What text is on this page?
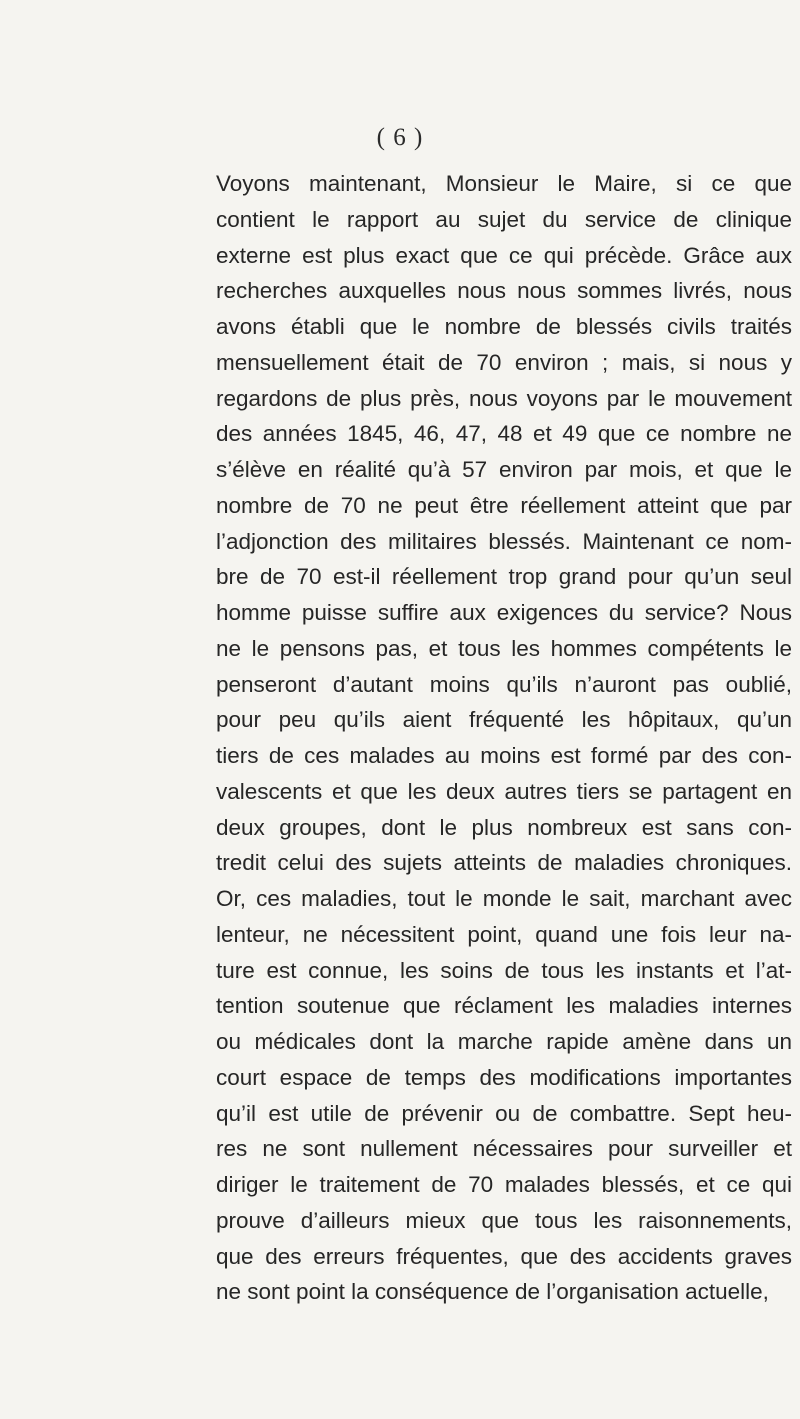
( 6 )
Voyons maintenant, Monsieur le Maire, si ce que
contient le rapport au sujet du service de clinique
externe est plus exact que ce qui précède. Grâce aux
recherches auxquelles nous nous sommes livrés, nous
avons établi que le nombre de blessés civils traités
mensuellement était de 70 environ ; mais, si nous y
regardons de plus près, nous voyons par le mouvement
des années 1845, 46, 47, 48 et 49 que ce nombre ne
s’élève en réalité qu’à 57 environ par mois, et que le
nombre de 70 ne peut être réellement atteint que par
l’adjonction des militaires blessés. Maintenant ce nom-
bre de 70 est-il réellement trop grand pour qu’un seul
homme puisse suffire aux exigences du service? Nous
ne le pensons pas, et tous les hommes compétents le
penseront d’autant moins qu’ils n’auront pas oublié,
pour peu qu’ils aient fréquenté les hôpitaux, qu’un
tiers de ces malades au moins est formé par des con-
valescents et que les deux autres tiers se partagent en
deux groupes, dont le plus nombreux est sans con-
tredit celui des sujets atteints de maladies chroniques.
Or, ces maladies, tout le monde le sait, marchant avec
lenteur, ne nécessitent point, quand une fois leur na-
ture est connue, les soins de tous les instants et l’at-
tention soutenue que réclament les maladies internes
ou médicales dont la marche rapide amène dans un
court espace de temps des modifications importantes
qu’il est utile de prévenir ou de combattre. Sept heu-
res ne sont nullement nécessaires pour surveiller et
diriger le traitement de 70 malades blessés, et ce qui
prouve d’ailleurs mieux que tous les raisonnements,
que des erreurs fréquentes, que des accidents graves
ne sont point la conséquence de l’organisation actuelle,
